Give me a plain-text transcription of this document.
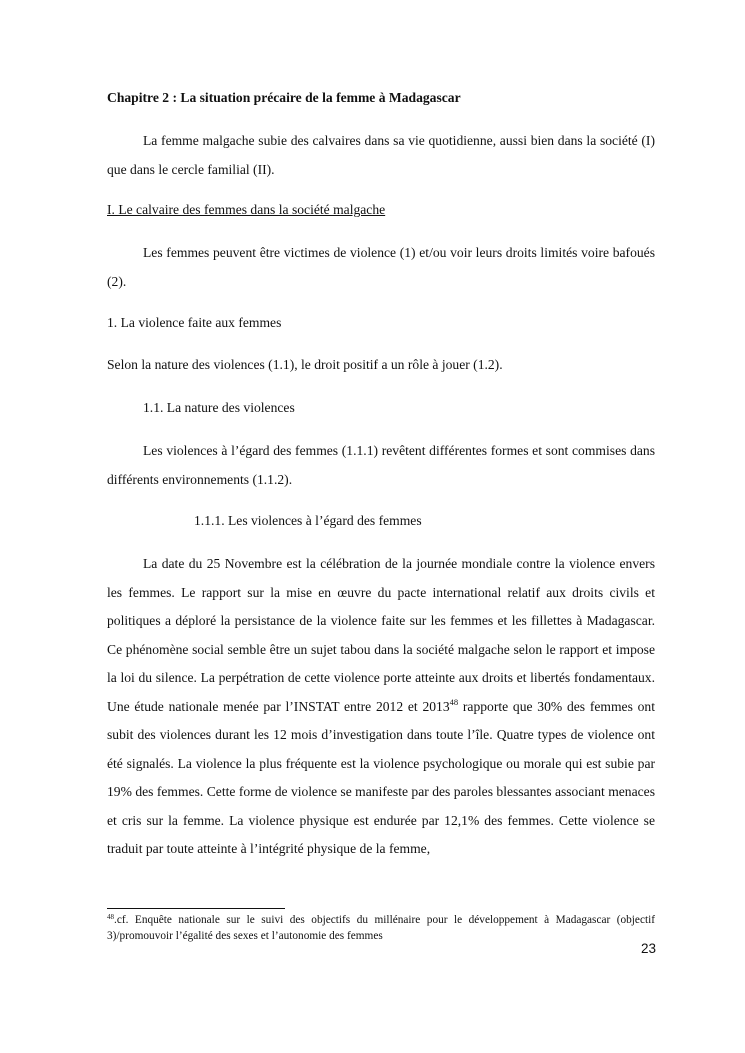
Chapitre 2 : La situation précaire de la femme à Madagascar

La femme malgache subie des calvaires dans sa vie quotidienne, aussi bien dans la société (I) que dans le cercle familial (II).

I. Le calvaire des femmes dans la société malgache

Les femmes peuvent être victimes de violence (1) et/ou voir leurs droits limités voire bafoués (2).

1. La violence faite aux femmes

Selon la nature des violences (1.1), le droit positif a un rôle à jouer (1.2).

1.1. La nature des violences

Les violences à l’égard des femmes (1.1.1) revêtent différentes formes et sont commises dans différents environnements (1.1.2).

1.1.1. Les violences à l’égard des femmes

La date du 25 Novembre est la célébration de la journée mondiale contre la violence envers les femmes. Le rapport sur la mise en œuvre du pacte international relatif aux droits civils et politiques a déploré la persistance de la violence faite sur les femmes et les fillettes à Madagascar. Ce phénomène social semble être un sujet tabou dans la société malgache selon le rapport et impose la loi du silence. La perpétration de cette violence porte atteinte aux droits et libertés fondamentaux. Une étude nationale menée par l’INSTAT entre 2012 et 2013$^{48}$ rapporte que 30% des femmes ont subit des violences durant les 12 mois d’investigation dans toute l’île. Quatre types de violence ont été signalés. La violence la plus fréquente est la violence psychologique ou morale qui est subie par 19% des femmes. Cette forme de violence se manifeste par des paroles blessantes associant menaces et cris sur la femme. La violence physique est endurée par 12,1% des femmes. Cette violence se traduit par toute atteinte à l’intégrité physique de la femme,

$^{48}$.cf. Enquête nationale sur le suivi des objectifs du millénaire pour le développement à Madagascar (objectif 3)/promouvoir l’égalité des sexes et l’autonomie des femmes

23
